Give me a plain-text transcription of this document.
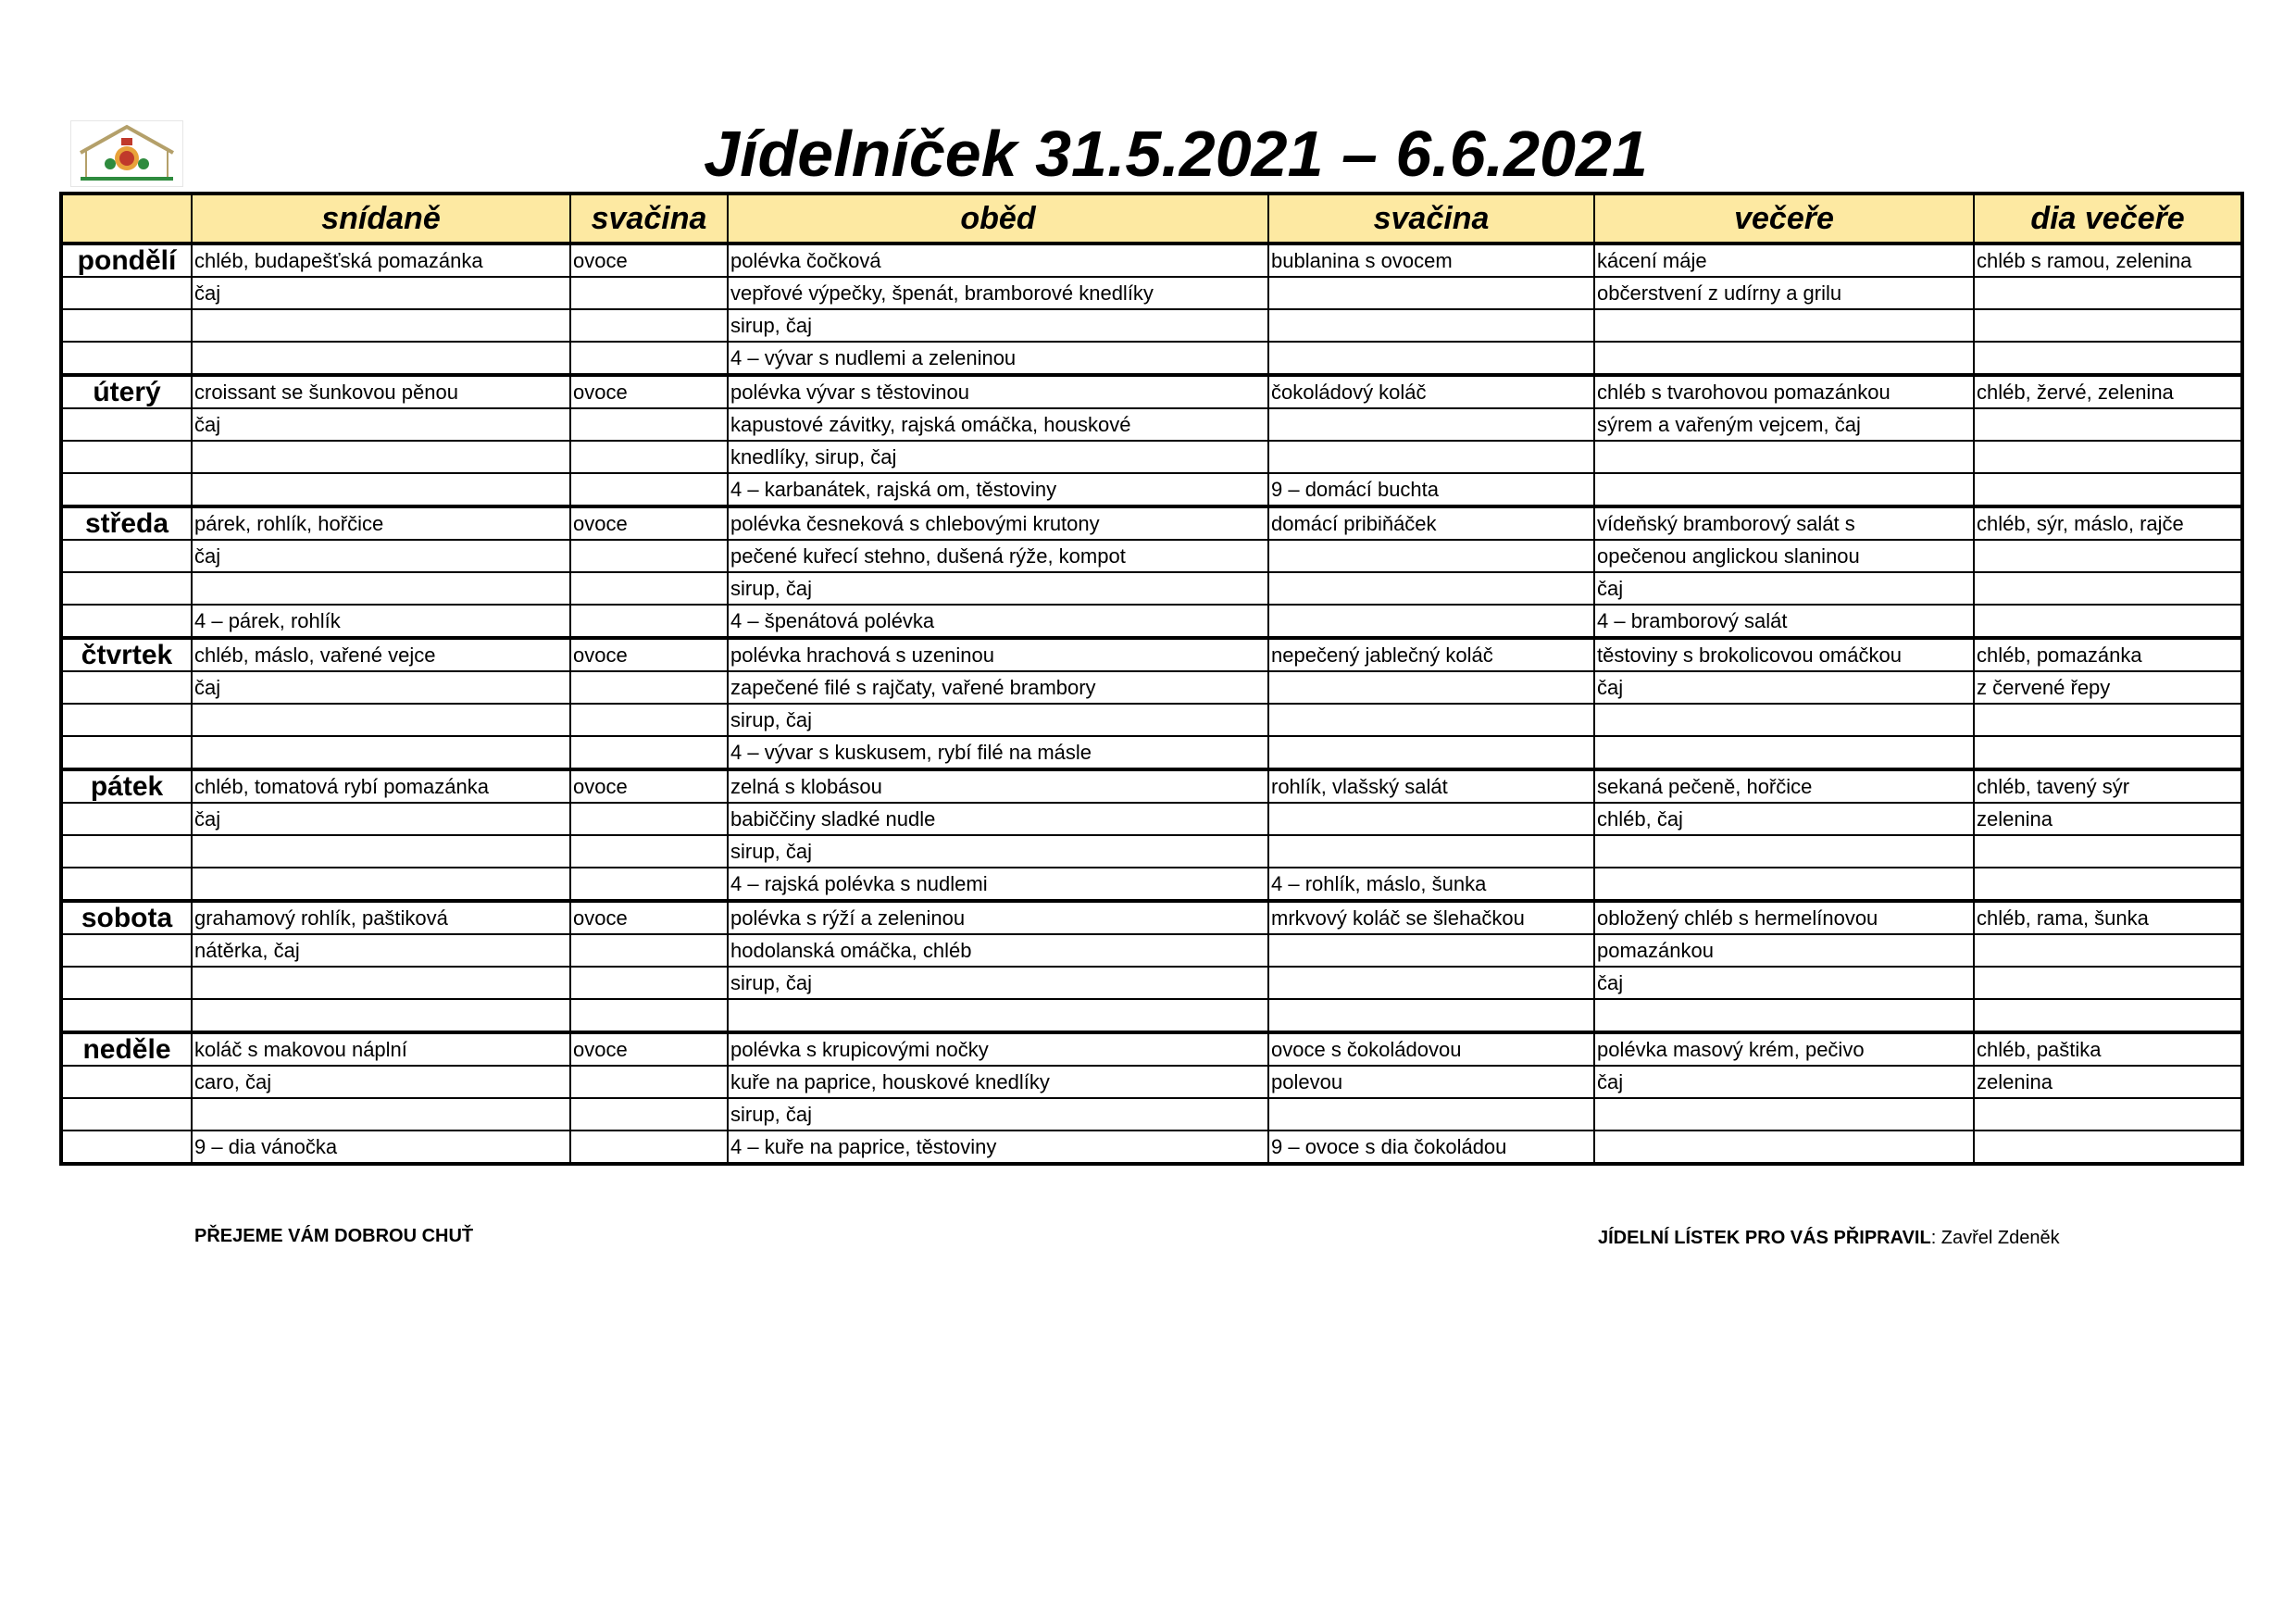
Jídelníček 31.5.2021 – 6.6.2021
	snídaně	svačina	oběd	svačina	večeře	dia večeře
pondělí	chléb, budapešťská pomazánka	ovoce	polévka čočková	bublanina s ovocem	kácení máje	chléb s ramou, zelenina
	čaj		vepřové výpečky, špenát, bramborové knedlíky		občerstvení z udírny a grilu	
			sirup, čaj			
			4 – vývar s nudlemi a zeleninou			
úterý	croissant se šunkovou pěnou	ovoce	polévka vývar s těstovinou	čokoládový koláč	chléb s tvarohovou pomazánkou	chléb, žervé, zelenina
	čaj		kapustové závitky, rajská omáčka, houskové		sýrem a vařeným vejcem, čaj	
			knedlíky, sirup, čaj			
			4 – karbanátek, rajská om, těstoviny	9 – domácí buchta		
středa	párek, rohlík, hořčice	ovoce	polévka česneková s chlebovými krutony	domácí pribiňáček	vídeňský bramborový salát s	chléb, sýr, máslo, rajče
	čaj		pečené kuřecí stehno, dušená rýže, kompot		opečenou anglickou slaninou	
			sirup, čaj		čaj	
	4 – párek, rohlík		4 – špenátová polévka		4 – bramborový salát	
čtvrtek	chléb, máslo, vařené vejce	ovoce	polévka hrachová s uzeninou	nepečený jablečný koláč	těstoviny s brokolicovou omáčkou	chléb, pomazánka
	čaj		zapečené filé s rajčaty, vařené brambory		čaj	z červené řepy
			sirup, čaj			
			4 – vývar s kuskusem, rybí filé na másle			
pátek	chléb, tomatová rybí pomazánka	ovoce	zelná s klobásou	rohlík, vlašský salát	sekaná pečeně, hořčice	chléb, tavený sýr
	čaj		babiččiny sladké nudle		chléb, čaj	zelenina
			sirup, čaj			
			4 – rajská polévka s nudlemi	4 – rohlík, máslo, šunka		
sobota	grahamový rohlík, paštiková	ovoce	polévka s rýží a zeleninou	mrkvový koláč se šlehačkou	obložený chléb s hermelínovou	chléb, rama, šunka
	nátěrka, čaj		hodolanská omáčka, chléb		pomazánkou	
			sirup, čaj		čaj	

neděle	koláč s makovou náplní	ovoce	polévka s krupicovými nočky	ovoce s čokoládovou	polévka masový krém, pečivo	chléb, paštika
	caro, čaj		kuře na paprice, houskové knedlíky	polevou	čaj	zelenina
			sirup, čaj			
	9 – dia vánočka		4 – kuře na paprice, těstoviny	9 – ovoce s dia čokoládou		
PŘEJEME VÁM DOBROU CHUŤ	JÍDELNÍ LÍSTEK PRO VÁS PŘIPRAVIL: Zavřel Zdeněk
